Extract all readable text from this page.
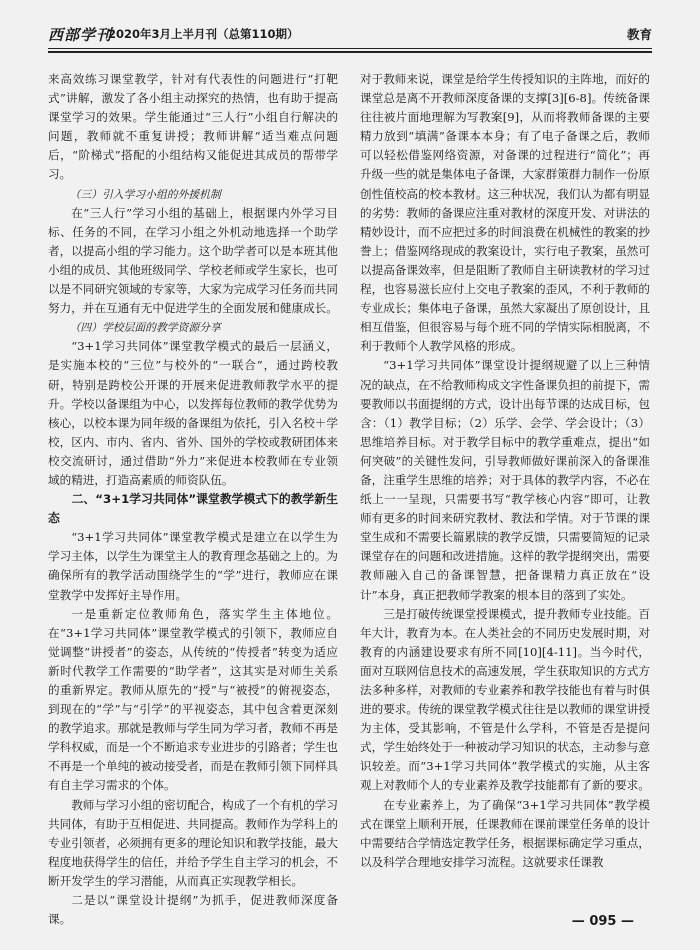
西部学刊
2020年3月上半月刊（总第110期）	教育

来高效练习课堂教学，针对有代表性的问题进行“打靶式”讲解，激发了各小组主动探究的热情，也有助于提高课堂学习的效果。学生能通过“三人行”小组自行解决的问题，教师就不重复讲授；教师讲解“适当难点问题后，“阶梯式”搭配的小组结构又能促进其成员的帮带学习。

（三）引入学习小组的外援机制

在“三人行”学习小组的基础上，根据课内外学习目标、任务的不同，在学习小组之外机动地选择一个助学者，以提高小组的学习能力。这个助学者可以是本班其他小组的成员、其他班级同学、学校老师或学生家长，也可以是不同研究领域的专家等，大家为完成学习任务而共同努力，并在互通有无中促进学生的全面发展和健康成长。

（四）学校层面的教学资源分享

“3+1学习共同体”课堂教学模式的最后一层涵义，是实施本校的“三位”与校外的“一联合”，通过跨校教研，特别是跨校公开课的开展来促进教师教学水平的提升。学校以备课组为中心，以发挥每位教师的教学优势为核心，以校本课为同年级的备课组为依托，引入名校＋学校，区内、市内、省内、省外、国外的学校或教研团体来校交流研讨，通过借助“外力”来促进本校教师在专业领域的精进，打造高素质的师资队伍。

二、“3+1学习共同体”课堂教学模式下的教学新生态

“3+1学习共同体”课堂教学模式是建立在以学生为学习主体，以学生为课堂主人的教育理念基础之上的。为确保所有的教学活动围绕学生的“学”进行，教师应在课堂教学中发挥好主导作用。

一是重新定位教师角色，落实学生主体地位。在“3+1学习共同体”课堂教学模式的引领下，教师应自觉调整“讲授者”的姿态，从传统的“传授者”转变为适应新时代教学工作需要的“助学者”，这其实是对师生关系的重新界定。教师从原先的“授”与“被授”的俯视姿态，到现在的“学”与“引学”的平视姿态，其中包含着更深刻的教学追求。那就是教师与学生同为学习者，教师不再是学科权威，而是一个不断追求专业进步的引路者；学生也不再是一个单纯的被动接受者，而是在教师引领下同样具有自主学习需求的个体。

教师与学习小组的密切配合，构成了一个有机的学习共同体，有助于互相促进、共同提高。教师作为学科上的专业引领者，必须拥有更多的理论知识和教学技能，最大程度地获得学生的信任，并给予学生自主学习的机会，不断开发学生的学习潜能，从而真正实现教学相长。

二是以“课堂设计提纲”为抓手，促进教师深度备课。

对于教师来说，课堂是给学生传授知识的主阵地，而好的课堂总是离不开教师深度备课的支撑[3][6-8]。传统备课往往被片面地理解为写教案[9]，从而将教师备课的主要精力放到“填满”备课本本身；有了电子备课之后，教师可以轻松借鉴网络资源，对备课的过程进行“简化”；再升级一些的就是集体电子备课，大家群策群力制作一份原创性值校高的校本教材。这三种状况，我们认为都有明显的劣势：教师的备课应注重对教材的深度开发、对讲法的精妙设计，而不应把过多的时间浪费在机械性的教案的抄誊上；借鉴网络现成的教案设计，实行电子教案，虽然可以提高备课效率，但是阻断了教师自主研读教材的学习过程，也容易滋长应付上交电子教案的歪风，不利于教师的专业成长；集体电子备课，虽然大家凝出了原创设计，且相互借鉴，但很容易与每个班不同的学情实际相脱离，不利于教师个人教学风格的形成。

“3+1学习共同体”课堂设计提纲规避了以上三种情况的缺点，在不给教师构成文字性备课负担的前提下，需要教师以书面提纲的方式，设计出每节课的达成目标，包含：（1）教学目标；（2）乐学、会学、学会设计；（3）思维培养目标。对于教学目标中的教学重难点，提出“如何突破”的关键性发问，引导教师做好课前深入的备课准备，注重学生思维的培养；对于具体的教学内容，不必在纸上一一呈现，只需要书写“教学核心内容”即可，让教师有更多的时间来研究教材、教法和学情。对于节课的课堂生成和不需要长篇累牍的教学反馈，只需要简短的记录课堂存在的问题和改进措施。这样的教学提纲突出，需要教师融入自己的备课智慧，把备课精力真正放在“设计”本身，真正把教师学教案的根本目的落到了实处。

三是打破传统课堂授课模式，提升教师专业技能。百年大计，教育为本。在人类社会的不同历史发展时期，对教育的内涵建设要求有所不同[10][4-11]。当今时代，面对互联网信息技术的高速发展，学生获取知识的方式方法多种多样，对教师的专业素养和教学技能也有着与时俱进的要求。传统的课堂教学模式往往是以教师的课堂讲授为主体，受其影响，不管是什么学科，不管是否是提问式，学生始终处于一种被动学习知识的状态，主动参与意识较差。而“3+1学习共同体”教学模式的实施，从主客观上对教师个人的专业素养及教学技能都有了新的要求。

在专业素养上，为了确保“3+1学习共同体”教学模式在课堂上顺利开展，任课教师在课前课堂任务单的设计中需要结合学情选定教学任务，根据课标确定学习重点，以及科学合理地安排学习流程。这就要求任课教

— 095 —
